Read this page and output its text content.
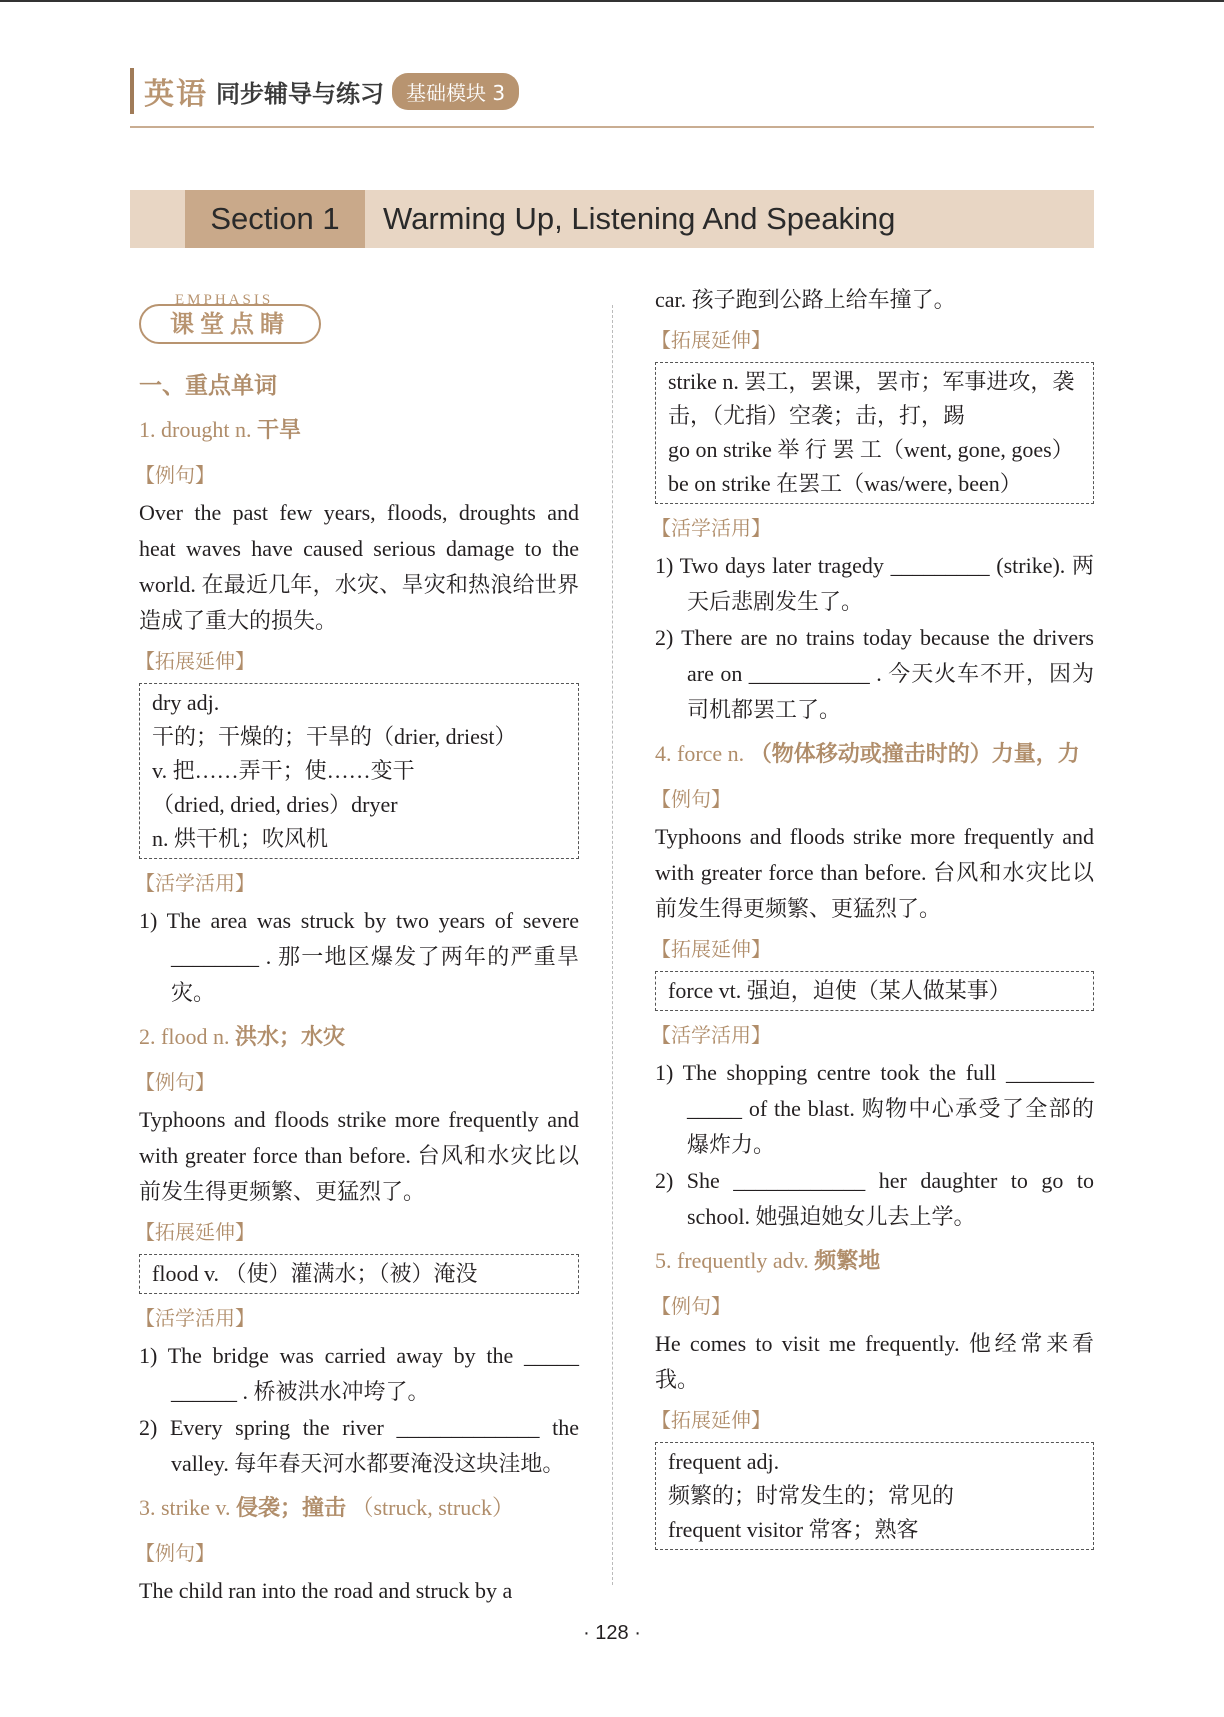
英语 同步辅导与练习	基础模块 3
Section 1	Warming Up, Listening And Speaking
EMPHASIS
课堂点睛
一、重点单词
1. drought n. 干旱
【例句】
Over the past few years, floods, droughts and heat waves have caused serious damage to the world. 在最近几年，水灾、旱灾和热浪给世界造成了重大的损失。
【拓展延伸】
dry adj.
干的；干燥的；干旱的（drier, driest）
v. 把……弄干；使……变干
（dried, dried, dries）dryer
n. 烘干机；吹风机
【活学活用】
1) The area was struck by two years of severe ________ . 那一地区爆发了两年的严重旱灾。
2. flood n. 洪水；水灾
【例句】
Typhoons and floods strike more frequently and with greater force than before. 台风和水灾比以前发生得更频繁、更猛烈了。
【拓展延伸】
flood v. （使）灌满水；（被）淹没
【活学活用】
1) The bridge was carried away by the _____ ______ . 桥被洪水冲垮了。
2) Every spring the river _____________ the valley. 每年春天河水都要淹没这块洼地。
3. strike v. 侵袭；撞击 （struck, struck）
【例句】
The child ran into the road and struck by a
car. 孩子跑到公路上给车撞了。
【拓展延伸】
strike n. 罢工，罢课，罢市；军事进攻，袭击，（尤指）空袭；击，打，踢
go on strike 举 行 罢 工（went, gone, goes）
be on strike 在罢工（was/were, been）
【活学活用】
1) Two days later tragedy _________ (strike). 两天后悲剧发生了。
2) There are no trains today because the drivers are on ___________ . 今天火车不开，因为司机都罢工了。
4. force n. （物体移动或撞击时的）力量，力
【例句】
Typhoons and floods strike more frequently and with greater force than before. 台风和水灾比以前发生得更频繁、更猛烈了。
【拓展延伸】
force vt. 强迫，迫使（某人做某事）
【活学活用】
1) The shopping centre took the full ________ _____ of the blast. 购物中心承受了全部的爆炸力。
2) She ____________ her daughter to go to school. 她强迫她女儿去上学。
5. frequently adv. 频繁地
【例句】
He comes to visit me frequently. 他经常来看我。
【拓展延伸】
frequent adj.
频繁的；时常发生的；常见的
frequent visitor 常客；熟客
· 128 ·
